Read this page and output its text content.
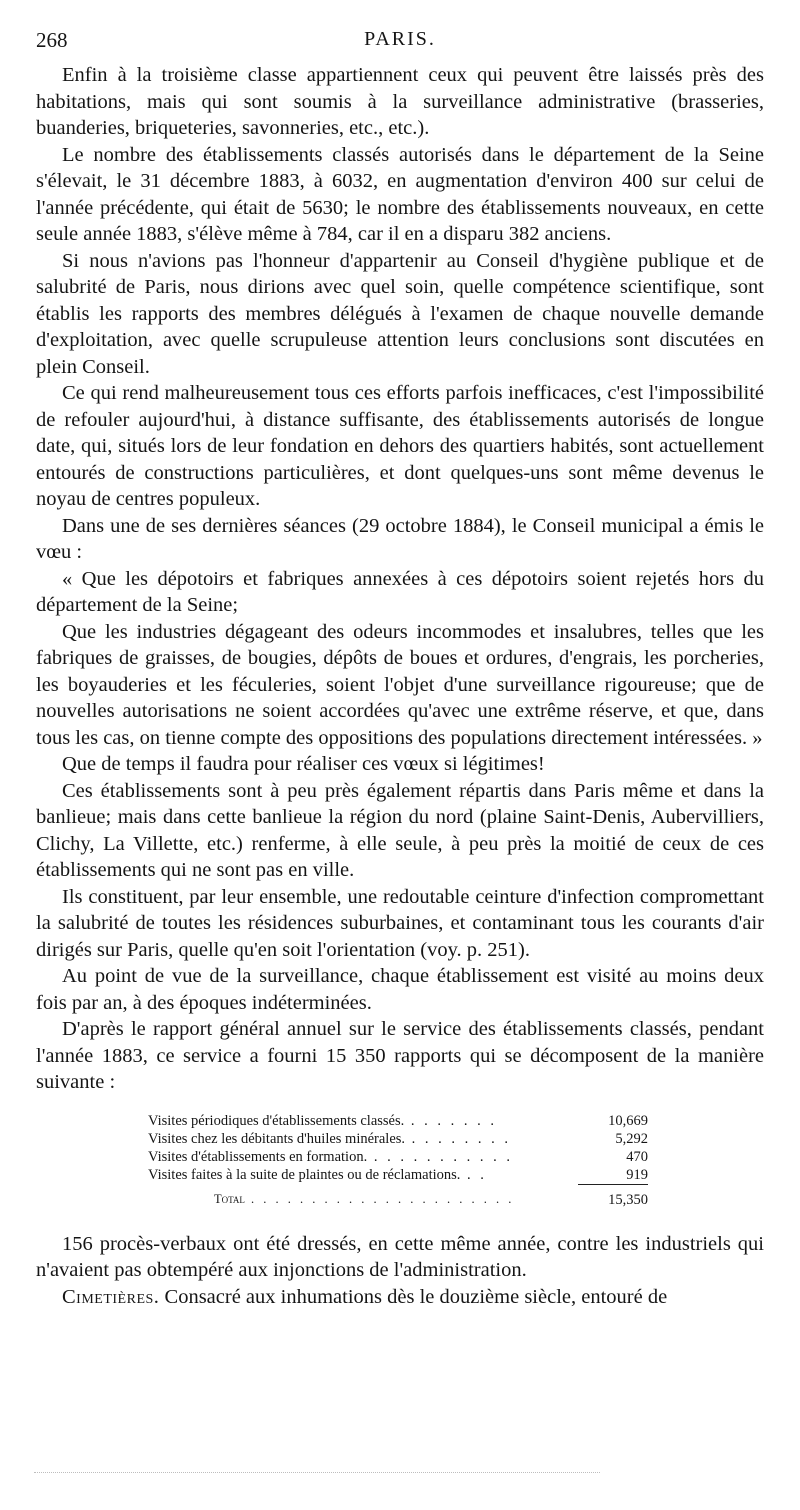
268	PARIS.

Enfin à la troisième classe appartiennent ceux qui peuvent être laissés près des habitations, mais qui sont soumis à la surveillance administrative (brasseries, buanderies, briqueteries, savonneries, etc., etc.).

Le nombre des établissements classés autorisés dans le département de la Seine s'élevait, le 31 décembre 1883, à 6032, en augmentation d'environ 400 sur celui de l'année précédente, qui était de 5630; le nombre des établissements nouveaux, en cette seule année 1883, s'élève même à 784, car il en a disparu 382 anciens.

Si nous n'avions pas l'honneur d'appartenir au Conseil d'hygiène publique et de salubrité de Paris, nous dirions avec quel soin, quelle compétence scientifique, sont établis les rapports des membres délégués à l'examen de chaque nouvelle demande d'exploitation, avec quelle scrupuleuse attention leurs conclusions sont discutées en plein Conseil.

Ce qui rend malheureusement tous ces efforts parfois inefficaces, c'est l'impossibilité de refouler aujourd'hui, à distance suffisante, des établissements autorisés de longue date, qui, situés lors de leur fondation en dehors des quartiers habités, sont actuellement entourés de constructions particulières, et dont quelques-uns sont même devenus le noyau de centres populeux.

Dans une de ses dernières séances (29 octobre 1884), le Conseil municipal a émis le vœu :

« Que les dépotoirs et fabriques annexées à ces dépotoirs soient rejetés hors du département de la Seine;

Que les industries dégageant des odeurs incommodes et insalubres, telles que les fabriques de graisses, de bougies, dépôts de boues et ordures, d'engrais, les porcheries, les boyauderies et les féculeries, soient l'objet d'une surveillance rigoureuse; que de nouvelles autorisations ne soient accordées qu'avec une extrême réserve, et que, dans tous les cas, on tienne compte des oppositions des populations directement intéressées. »

Que de temps il faudra pour réaliser ces vœux si légitimes!

Ces établissements sont à peu près également répartis dans Paris même et dans la banlieue; mais dans cette banlieue la région du nord (plaine Saint-Denis, Aubervilliers, Clichy, La Villette, etc.) renferme, à elle seule, à peu près la moitié de ceux de ces établissements qui ne sont pas en ville.

Ils constituent, par leur ensemble, une redoutable ceinture d'infection compromettant la salubrité de toutes les résidences suburbaines, et contaminant tous les courants d'air dirigés sur Paris, quelle qu'en soit l'orientation (voy. p. 251).

Au point de vue de la surveillance, chaque établissement est visité au moins deux fois par an, à des époques indéterminées.

D'après le rapport général annuel sur le service des établissements classés, pendant l'année 1883, ce service a fourni 15 350 rapports qui se décomposent de la manière suivante :

Visites périodiques d'établissements classés. . . . . . . .	10,669
Visites chez les débitants d'huiles minérales. . . . . . . . .	5,292
Visites d'établissements en formation. . . . . . . . . . . .	470
Visites faites à la suite de plaintes ou de réclamations. . .	919
Total . . . . . . . . . . . . . . . . . . . . . .	15,350

156 procès-verbaux ont été dressés, en cette même année, contre les industriels qui n'avaient pas obtempéré aux injonctions de l'administration.

Cimetières. Consacré aux inhumations dès le douzième siècle, entouré de
